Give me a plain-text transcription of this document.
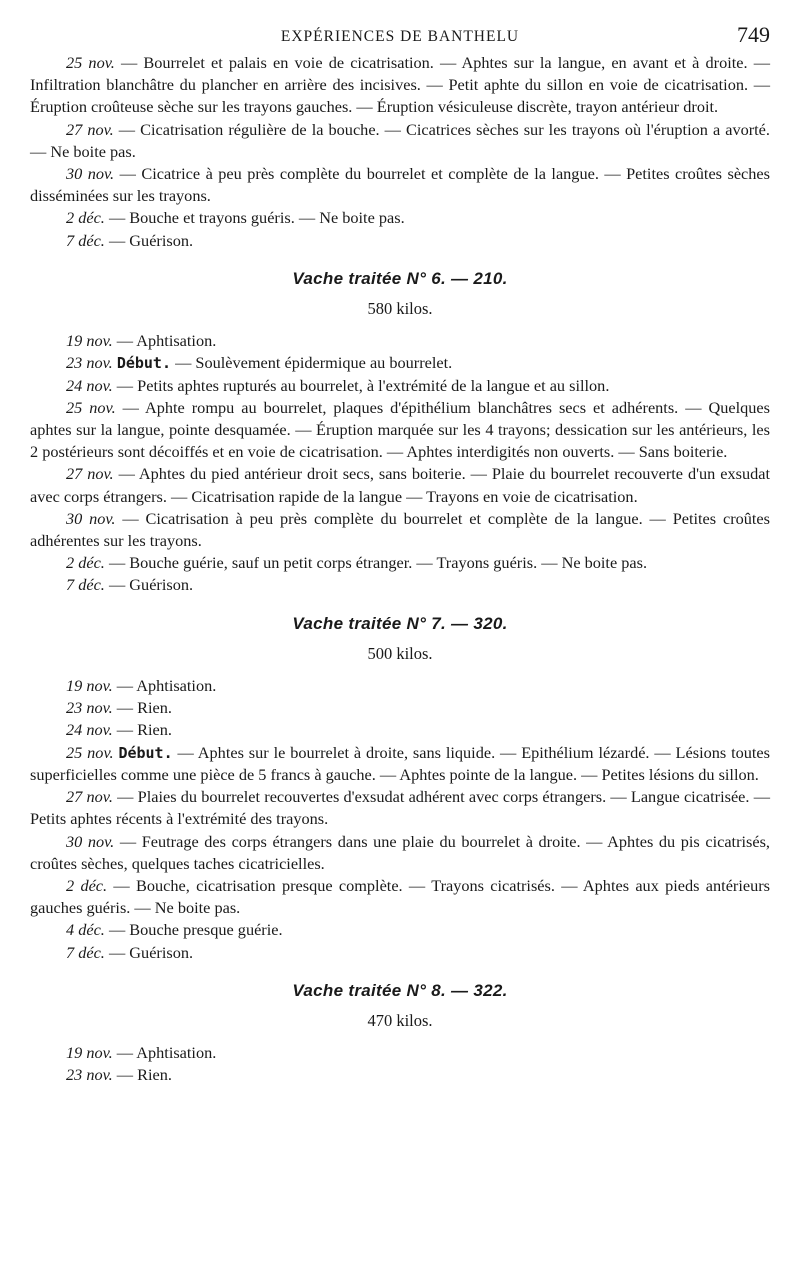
EXPÉRIENCES DE BANTHELU	749

25 nov. — Bourrelet et palais en voie de cicatrisation. — Aphtes sur la langue, en avant et à droite. — Infiltration blanchâtre du plancher en arrière des incisives. — Petit aphte du sillon en voie de cicatrisation. — Éruption croûteuse sèche sur les trayons gauches. — Éruption vésiculeuse discrète, trayon antérieur droit.

27 nov. — Cicatrisation régulière de la bouche. — Cicatrices sèches sur les trayons où l'éruption a avorté. — Ne boite pas.

30 nov. — Cicatrice à peu près complète du bourrelet et complète de la langue. — Petites croûtes sèches disséminées sur les trayons.

2 déc. — Bouche et trayons guéris. — Ne boite pas.

7 déc. — Guérison.

Vache traitée N° 6. — 210.
580 kilos.

19 nov. — Aphtisation.

23 nov. Début. — Soulèvement épidermique au bourrelet.

24 nov. — Petits aphtes rupturés au bourrelet, à l'extrémité de la langue et au sillon.

25 nov. — Aphte rompu au bourrelet, plaques d'épithélium blanchâtres secs et adhérents. — Quelques aphtes sur la langue, pointe desquamée. — Éruption marquée sur les 4 trayons; dessication sur les antérieurs, les 2 postérieurs sont décoiffés et en voie de cicatrisation. — Aphtes interdigités non ouverts. — Sans boiterie.

27 nov. — Aphtes du pied antérieur droit secs, sans boiterie. — Plaie du bourrelet recouverte d'un exsudat avec corps étrangers. — Cicatrisation rapide de la langue — Trayons en voie de cicatrisation.

30 nov. — Cicatrisation à peu près complète du bourrelet et complète de la langue. — Petites croûtes adhérentes sur les trayons.

2 déc. — Bouche guérie, sauf un petit corps étranger. — Trayons guéris. — Ne boite pas.

7 déc. — Guérison.

Vache traitée N° 7. — 320.
500 kilos.

19 nov. — Aphtisation.

23 nov. — Rien.

24 nov. — Rien.

25 nov. Début. — Aphtes sur le bourrelet à droite, sans liquide. — Epithélium lézardé. — Lésions toutes superficielles comme une pièce de 5 francs à gauche. — Aphtes pointe de la langue. — Petites lésions du sillon.

27 nov. — Plaies du bourrelet recouvertes d'exsudat adhérent avec corps étrangers. — Langue cicatrisée. — Petits aphtes récents à l'extrémité des trayons.

30 nov. — Feutrage des corps étrangers dans une plaie du bourrelet à droite. — Aphtes du pis cicatrisés, croûtes sèches, quelques taches cicatricielles.

2 déc. — Bouche, cicatrisation presque complète. — Trayons cicatrisés. — Aphtes aux pieds antérieurs gauches guéris. — Ne boite pas.

4 déc. — Bouche presque guérie.

7 déc. — Guérison.

Vache traitée N° 8. — 322.
470 kilos.

19 nov. — Aphtisation.

23 nov. — Rien.
